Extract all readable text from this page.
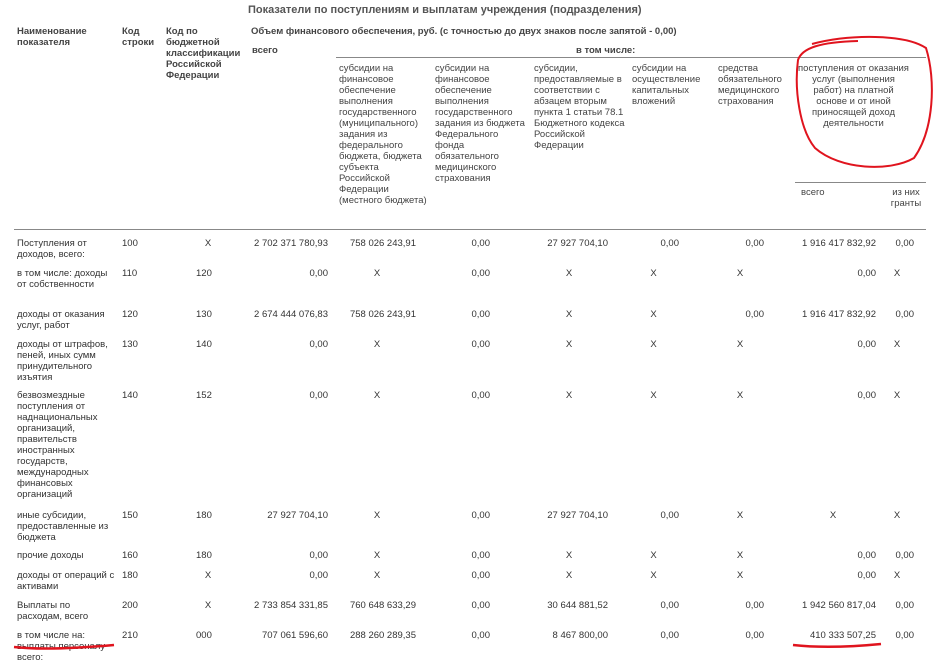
Показатели по поступлениям и выплатам учреждения (подразделения)
Наименование показателя
Код строки
Код по бюджетной классификации Российской Федерации
Объем финансового обеспечения, руб. (с точностью до двух знаков после запятой - 0,00)
всего	в том числе:
субсидии на финансовое обеспечение выполнения государственного (муниципального) задания из федерального бюджета, бюджета субъекта Российской Федерации (местного бюджета)
субсидии на финансовое обеспечение выполнения государственного задания из бюджета Федерального фонда обязательного медицинского страхования
субсидии, предоставляемые в соответствии с абзацем вторым пункта 1 статьи 78.1 Бюджетного кодекса Российской Федерации
субсидии на осуществление капитальных вложений
средства обязательного медицинского страхования
поступления от оказания услуг (выполнения работ) на платной основе и от иной приносящей доход деятельности
всего	из них гранты
Поступления от доходов, всего:
100	X	2 702 371 780,93	758 026 243,91	0,00	27 927 704,10	0,00	0,00	1 916 417 832,92	0,00
в том числе: доходы от собственности
110	120	0,00	X	0,00	X	X	X	0,00	X
доходы от оказания услуг, работ
120	130	2 674 444 076,83	758 026 243,91	0,00	X	X	0,00	1 916 417 832,92	0,00
доходы от штрафов, пеней, иных сумм принудительного изъятия
130	140	0,00	X	0,00	X	X	X	0,00	X
безвозмездные поступления от наднациональных организаций, правительств иностранных государств, международных финансовых организаций
140	152	0,00	X	0,00	X	X	X	0,00	X
иные субсидии, предоставленные из бюджета
150	180	27 927 704,10	X	0,00	27 927 704,10	0,00	X	X	X
прочие доходы	160	180	0,00	X	0,00	X	X	X	0,00	0,00
доходы от операций с активами
180	X	0,00	X	0,00	X	X	X	0,00	X
Выплаты по расходам, всего
200	X	2 733 854 331,85	760 648 633,29	0,00	30 644 881,52	0,00	0,00	1 942 560 817,04	0,00
в том числе на: выплаты персоналу всего:
210	000	707 061 596,60	288 260 289,35	0,00	8 467 800,00	0,00	0,00	410 333 507,25	0,00
